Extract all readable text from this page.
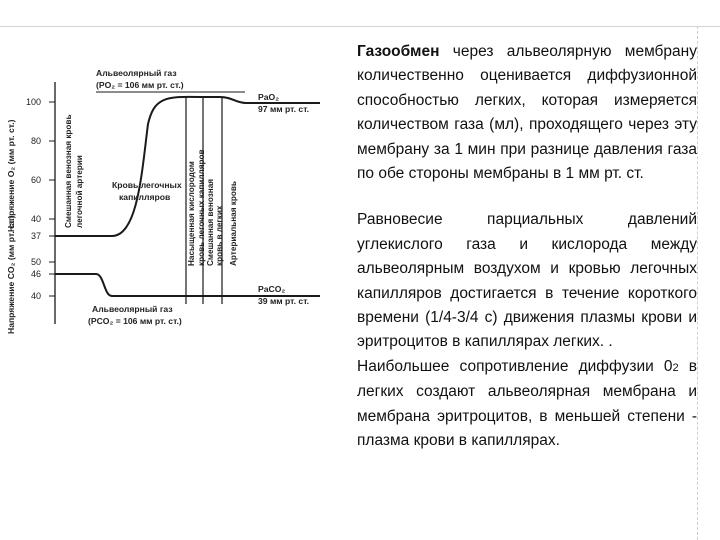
Напряжение O₂ (мм рт. ст.)
Напряжение CO₂ (мм рт. ст.)
100
80
60
40
37
50
46
40
Альвеолярный газ
(PO₂ = 106 мм рт. ст.)
PaO₂
97 мм рт. ст.
Альвеолярный газ
(PCO₂ = 106 мм рт. ст.)
PaCO₂
39 мм рт. ст.
Смешанная венозная кровь легочной артерии	Кровь легочных
капилляров Насыщенная кислородом кровь легочных капилляров Смешанная венозная кровь в легких Артериальная кровь

Газообмен через альвеолярную мембрану количественно оценивается диффузионной способностью легких, которая измеряется количеством газа (мл), проходящего через эту мембрану за 1 мин при разнице давления газа по обе стороны мембраны в 1 мм рт. ст.

Равновесие парциальных давлений углекислого газа и кислорода между альвеолярным воздухом и кровью легочных капилляров достигается в течение короткого времени (1/4-3/4 с) движения плазмы крови и эритроцитов в капиллярах легких. .

Наибольшее сопротивление диффузии 02 в легких создают альвеолярная мембрана и мембрана эритроцитов, в меньшей степени - плазма крови в капиллярах.
